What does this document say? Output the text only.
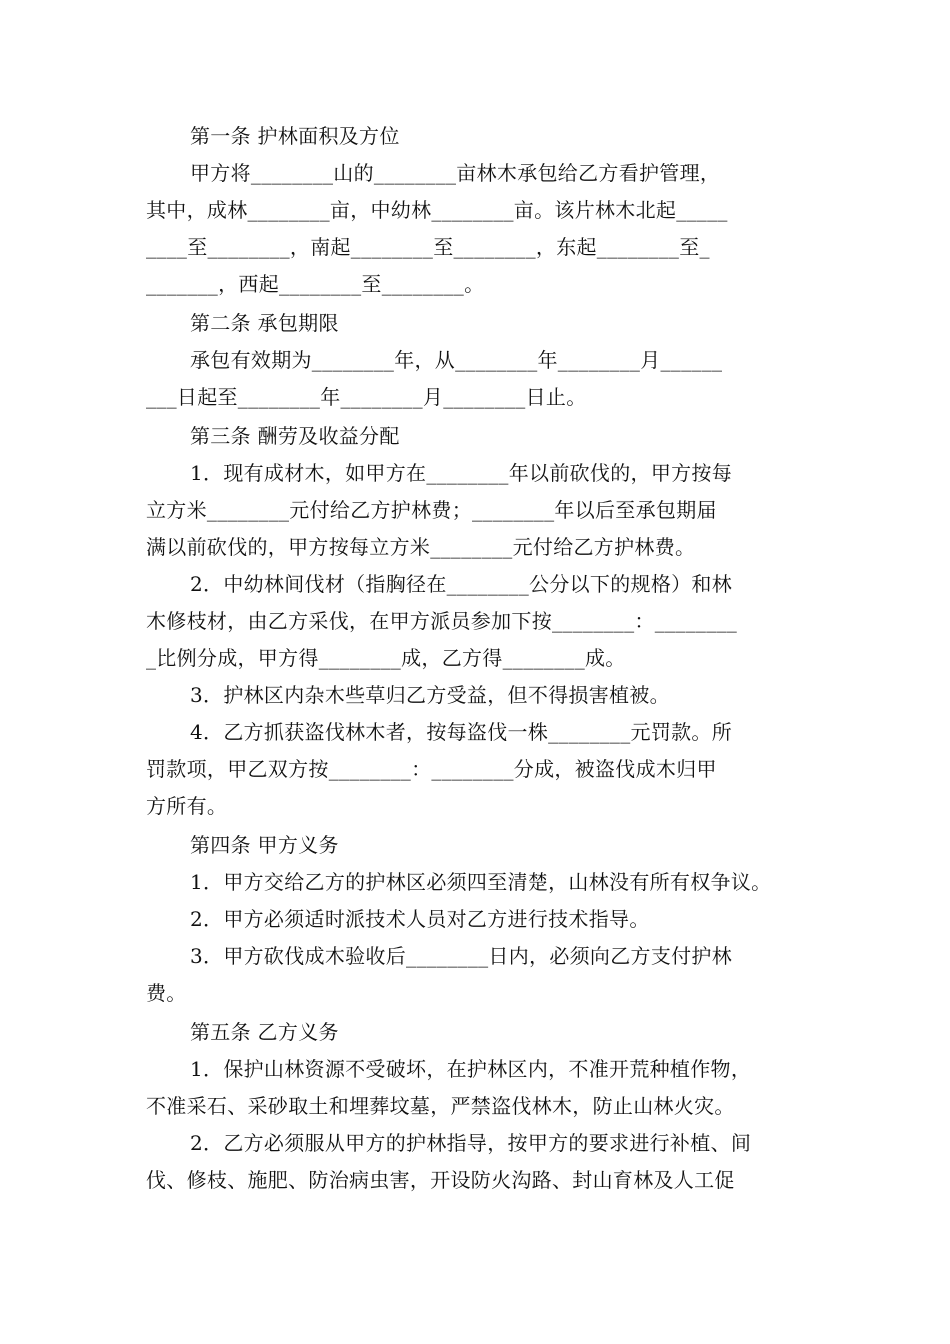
第一条 护林面积及方位
甲方将________山的________亩林木承包给乙方看护管理，
其中，成林________亩，中幼林________亩。该片林木北起_____
____至________，南起________至________，东起________至_
_______，西起________至________。
第二条 承包期限
承包有效期为________年，从________年________月______
___日起至________年________月________日止。
第三条 酬劳及收益分配
1．现有成材木，如甲方在________年以前砍伐的，甲方按每
立方米________元付给乙方护林费；________年以后至承包期届
满以前砍伐的，甲方按每立方米________元付给乙方护林费。
2．中幼林间伐材（指胸径在________公分以下的规格）和林
木修枝材，由乙方采伐，在甲方派员参加下按________：________
_比例分成，甲方得________成，乙方得________成。
3．护林区内杂木些草归乙方受益，但不得损害植被。
4．乙方抓获盗伐林木者，按每盗伐一株________元罚款。所
罚款项，甲乙双方按________：________分成，被盗伐成木归甲
方所有。
第四条 甲方义务
1．甲方交给乙方的护林区必须四至清楚，山林没有所有权争议。
2．甲方必须适时派技术人员对乙方进行技术指导。
3．甲方砍伐成木验收后________日内，必须向乙方支付护林
费。
第五条 乙方义务
1．保护山林资源不受破坏，在护林区内，不准开荒种植作物，
不准采石、采砂取土和埋葬坟墓，严禁盗伐林木，防止山林火灾。
2．乙方必须服从甲方的护林指导，按甲方的要求进行补植、间
伐、修枝、施肥、防治病虫害，开设防火沟路、封山育林及人工促
